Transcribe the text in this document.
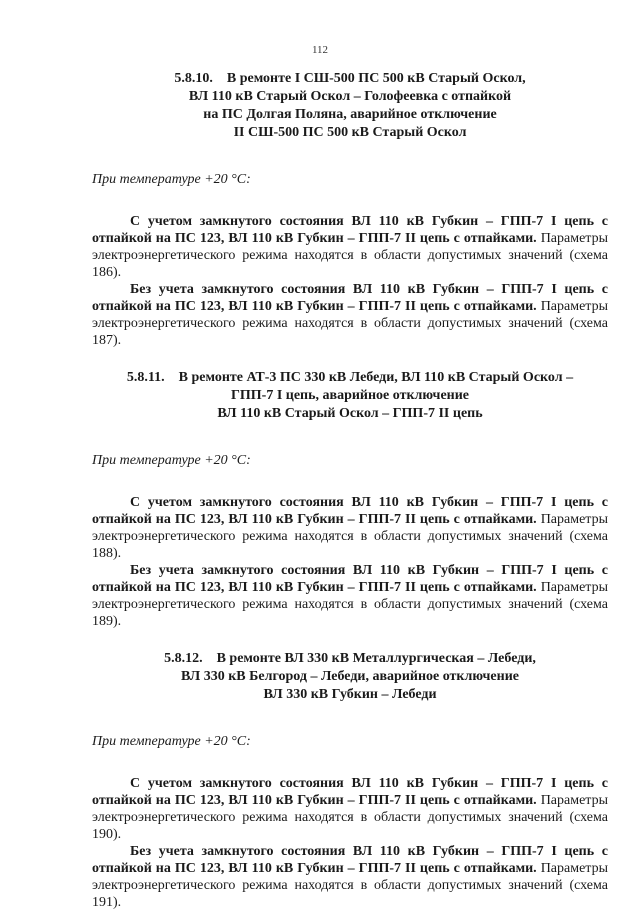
112
5.8.10. В ремонте I СШ-500 ПС 500 кВ Старый Оскол,
ВЛ 110 кВ Старый Оскол – Голофеевка с отпайкой
на ПС Долгая Поляна, аварийное отключение
II СШ-500 ПС 500 кВ Старый Оскол

При температуре +20 °С:

С учетом замкнутого состояния ВЛ 110 кВ Губкин – ГПП-7 I цепь с отпайкой на ПС 123, ВЛ 110 кВ Губкин – ГПП-7 II цепь с отпайками. Параметры электроэнергетического режима находятся в области допустимых значений (схема 186).

Без учета замкнутого состояния ВЛ 110 кВ Губкин – ГПП-7 I цепь с отпайкой на ПС 123, ВЛ 110 кВ Губкин – ГПП-7 II цепь с отпайками. Параметры электроэнергетического режима находятся в области допустимых значений (схема 187).

5.8.11. В ремонте АТ-3 ПС 330 кВ Лебеди, ВЛ 110 кВ Старый Оскол –
ГПП-7 I цепь, аварийное отключение
ВЛ 110 кВ Старый Оскол – ГПП-7 II цепь

При температуре +20 °С:

С учетом замкнутого состояния ВЛ 110 кВ Губкин – ГПП-7 I цепь с отпайкой на ПС 123, ВЛ 110 кВ Губкин – ГПП-7 II цепь с отпайками. Параметры электроэнергетического режима находятся в области допустимых значений (схема 188).

Без учета замкнутого состояния ВЛ 110 кВ Губкин – ГПП-7 I цепь с отпайкой на ПС 123, ВЛ 110 кВ Губкин – ГПП-7 II цепь с отпайками. Параметры электроэнергетического режима находятся в области допустимых значений (схема 189).

5.8.12. В ремонте ВЛ 330 кВ Металлургическая – Лебеди,
ВЛ 330 кВ Белгород – Лебеди, аварийное отключение
ВЛ 330 кВ Губкин – Лебеди

При температуре +20 °С:

С учетом замкнутого состояния ВЛ 110 кВ Губкин – ГПП-7 I цепь с отпайкой на ПС 123, ВЛ 110 кВ Губкин – ГПП-7 II цепь с отпайками. Параметры электроэнергетического режима находятся в области допустимых значений (схема 190).

Без учета замкнутого состояния ВЛ 110 кВ Губкин – ГПП-7 I цепь с отпайкой на ПС 123, ВЛ 110 кВ Губкин – ГПП-7 II цепь с отпайками. Параметры электроэнергетического режима находятся в области допустимых значений (схема 191).
